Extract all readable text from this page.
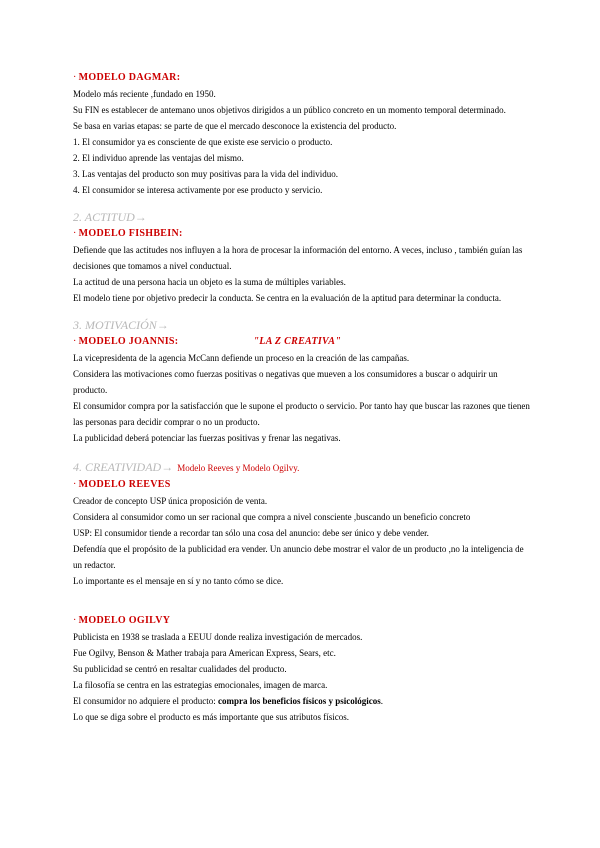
· MODELO DAGMAR:

Modelo más reciente ,fundado en 1950.

Su FIN es establecer de antemano unos objetivos dirigidos a un público concreto en un momento temporal determinado.

Se basa en varias etapas: se parte de que el mercado desconoce la existencia del producto.

1. El consumidor ya es consciente de que existe ese servicio o producto.

2. El individuo aprende las ventajas del mismo.

3. Las ventajas del producto son muy positivas para la vida del individuo.

4. El consumidor se interesa activamente por ese producto y servicio.

2. ACTITUD→

· MODELO FISHBEIN:

Defiende que las actitudes nos influyen a la hora de procesar la información del entorno. A veces, incluso , también guían las decisiones que tomamos a nivel conductual.

La actitud de una persona hacia un objeto es la suma de múltiples variables.

El modelo tiene por objetivo predecir la conducta. Se centra en la evaluación de la aptitud para determinar la conducta.

3. MOTIVACIÓN→

· MODELO JOANNIS:	"LA Z CREATIVA"

La vicepresidenta de la agencia McCann defiende un proceso en la creación de las campañas.

Considera las motivaciones como fuerzas positivas o negativas que mueven a los consumidores a buscar o adquirir un producto.

El consumidor compra por la satisfacción que le supone el producto o servicio. Por tanto hay que buscar las razones que tienen las personas para decidir comprar o no un producto.

La publicidad deberá potenciar las fuerzas positivas y frenar las negativas.

4. CREATIVIDAD→ Modelo Reeves y Modelo Ogilvy.

· MODELO REEVES

Creador de concepto USP única proposición de venta.

Considera al consumidor como un ser racional que compra a nivel consciente ,buscando un beneficio concreto

USP: El consumidor tiende a recordar tan sólo una cosa del anuncio: debe ser único y debe vender.

Defendía que el propósito de la publicidad era vender. Un anuncio debe mostrar el valor de un producto ,no la inteligencia de un redactor.

Lo importante es el mensaje en sí y no tanto cómo se dice.

· MODELO OGILVY

Publicista en 1938 se traslada a EEUU donde realiza investigación de mercados.

Fue Ogilvy, Benson & Mather trabaja para American Express, Sears, etc.

Su publicidad se centró en resaltar cualidades del producto.

La filosofía se centra en las estrategias emocionales, imagen de marca.

El consumidor no adquiere el producto: compra los beneficios físicos y psicológicos.

Lo que se diga sobre el producto es más importante que sus atributos físicos.
